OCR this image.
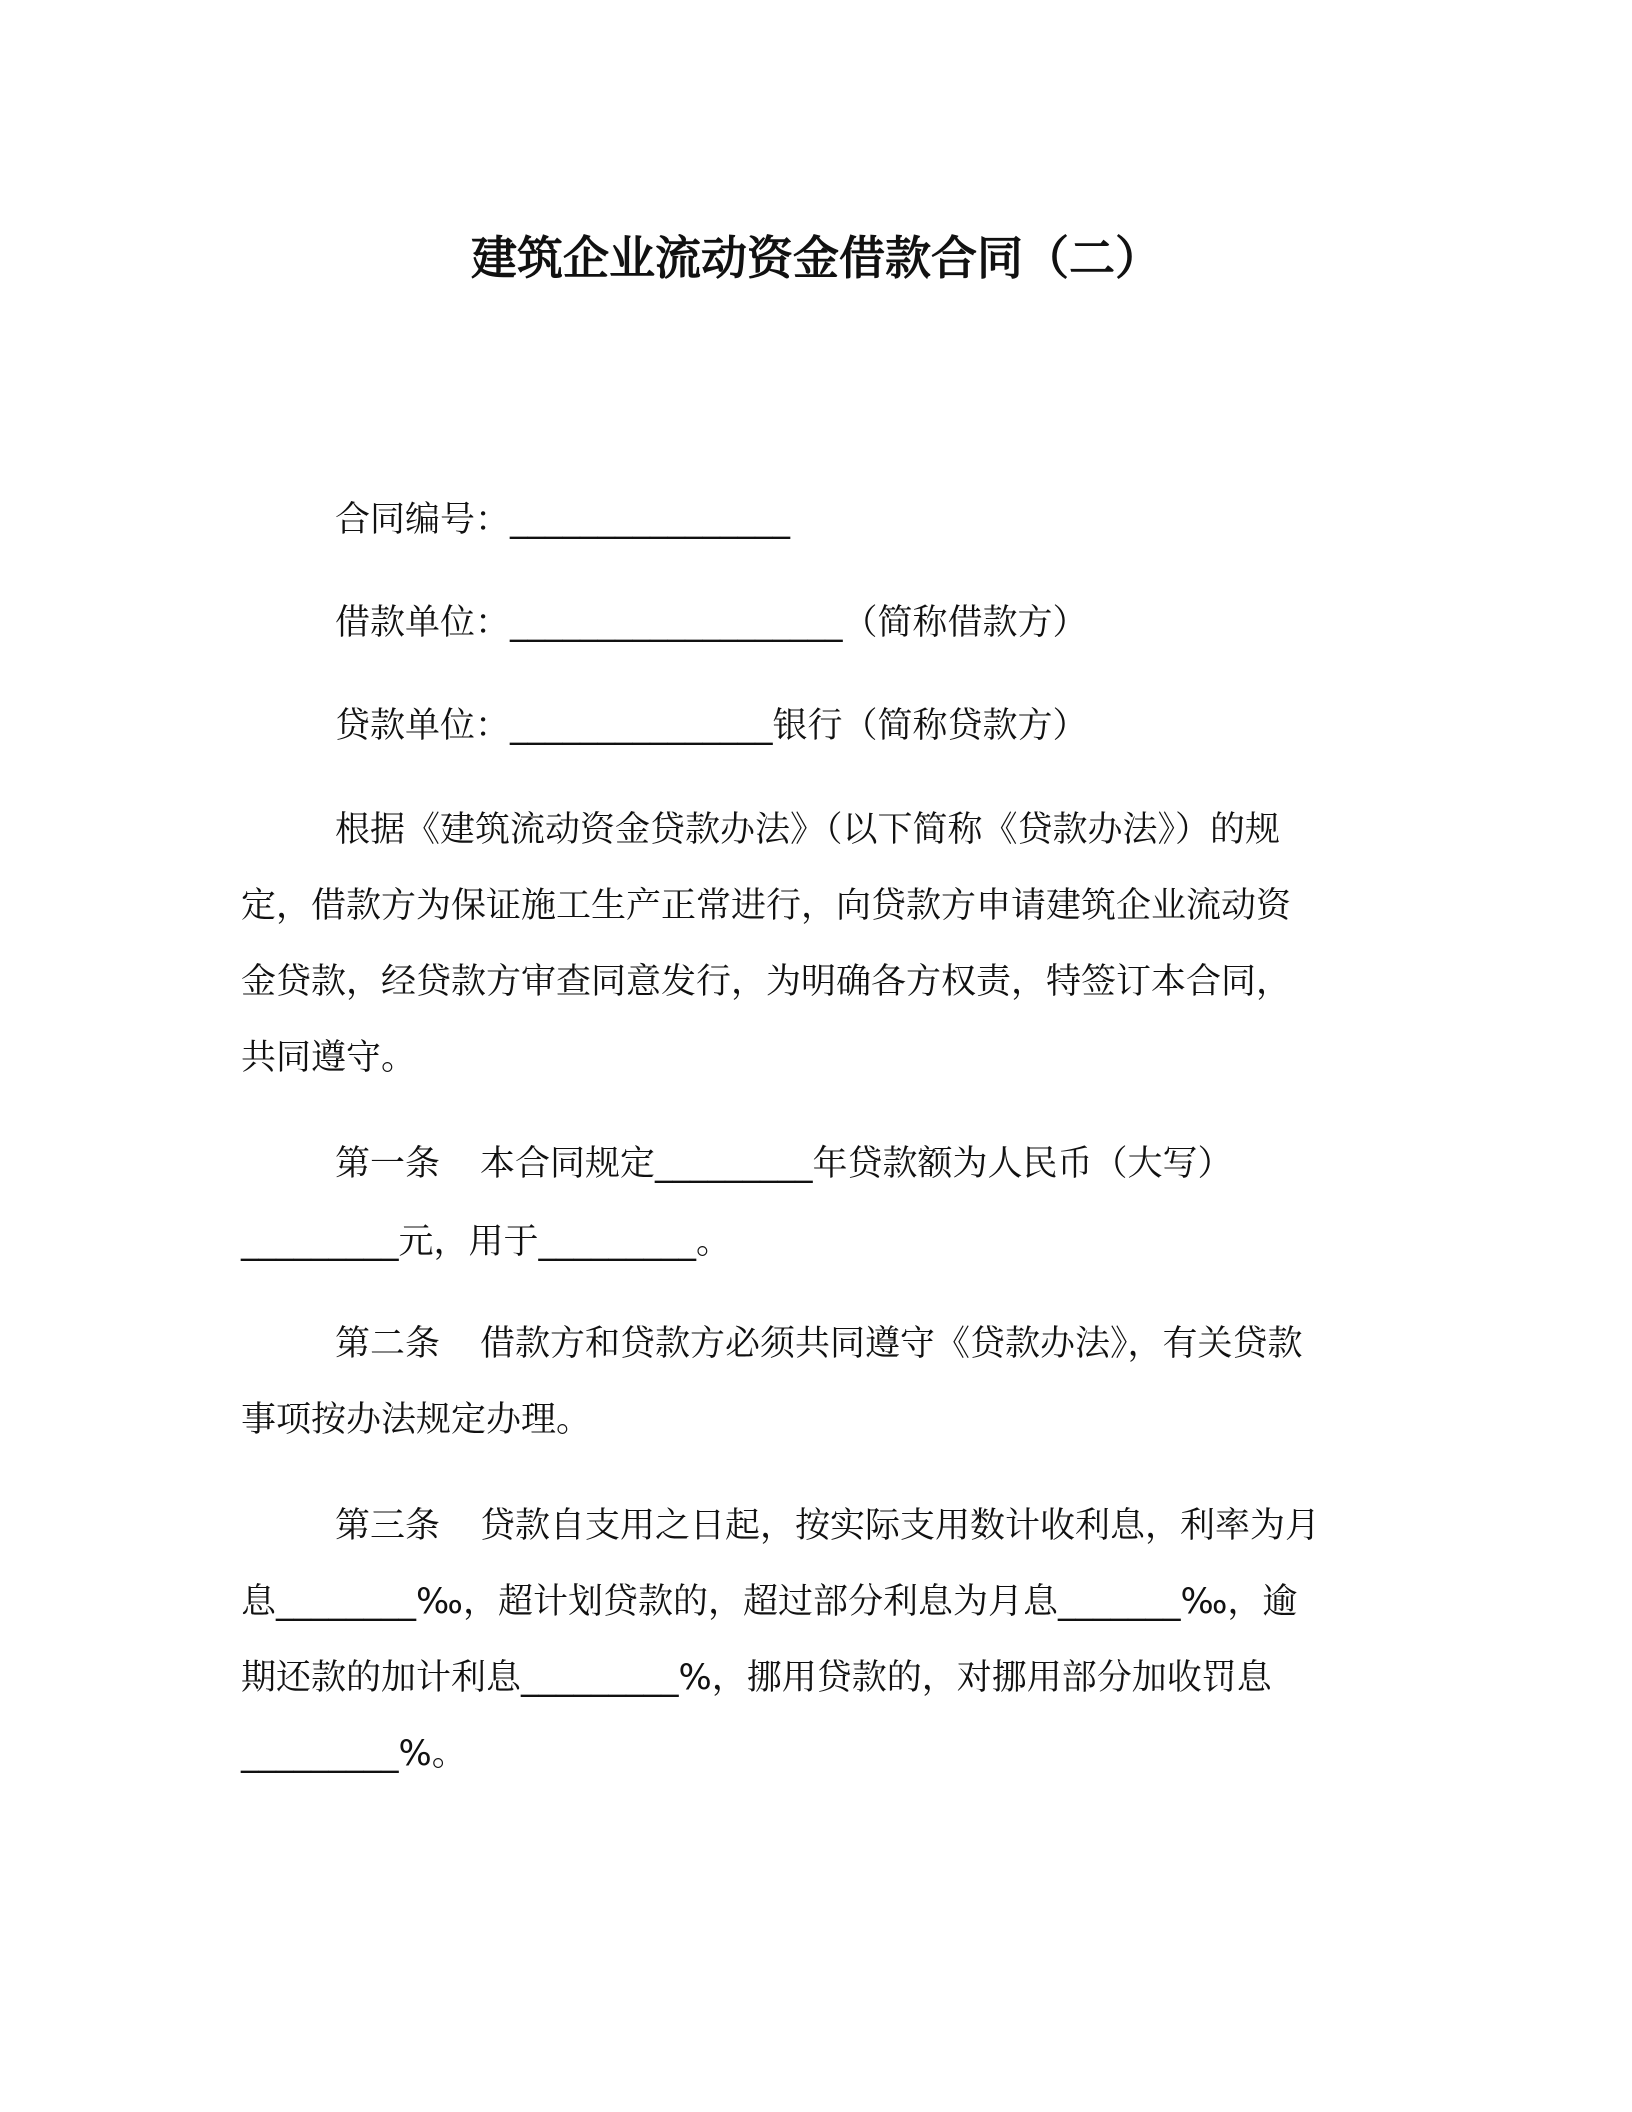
建筑企业流动资金借款合同（二）
合同编号：________________
借款单位：___________________（简称借款方）
贷款单位：_______________银行（简称贷款方）
根据《建筑流动资金贷款办法》（以下简称《贷款办法》）的规
定，借款方为保证施工生产正常进行，向贷款方申请建筑企业流动资
金贷款，经贷款方审查同意发行，为明确各方权责，特签订本合同，
共同遵守。
第一条 本合同规定_________年贷款额为人民币（大写）
_________元，用于_________。
第二条 借款方和贷款方必须共同遵守《贷款办法》，有关贷款
事项按办法规定办理。
第三条 贷款自支用之日起，按实际支用数计收利息，利率为月
息________‰，超计划贷款的，超过部分利息为月息_______‰，逾
期还款的加计利息_________%，挪用贷款的，对挪用部分加收罚息
_________%。
